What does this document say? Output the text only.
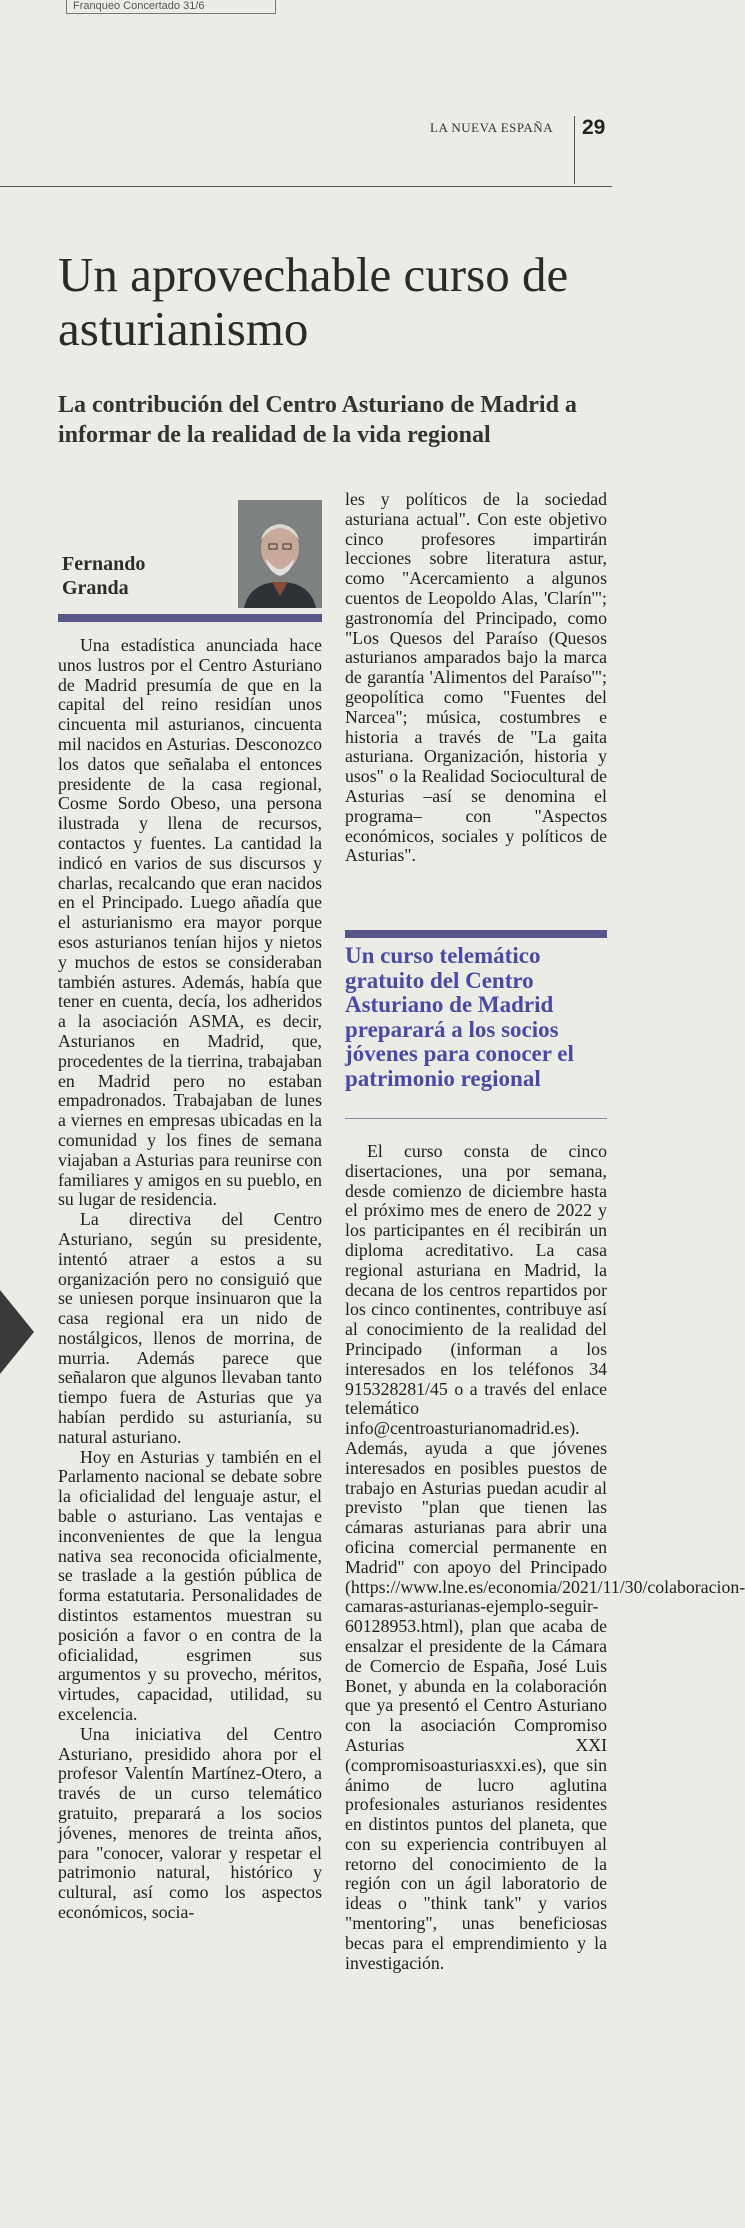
Franqueo Concertado 31/6
LA NUEVA ESPAÑA 29
Un aprovechable curso de asturianismo
La contribución del Centro Asturiano de Madrid a informar de la realidad de la vida regional
Fernando Granda

Una estadística anunciada hace unos lustros por el Centro Asturiano de Madrid presumía de que en la capital del reino residían unos cincuenta mil asturianos, cincuenta mil nacidos en Asturias. Desconozco los datos que señalaba el entonces presidente de la casa regional, Cosme Sordo Obeso, una persona ilustrada y llena de recursos, contactos y fuentes. La cantidad la indicó en varios de sus discursos y charlas, recalcando que eran nacidos en el Principado. Luego añadía que el asturianismo era mayor porque esos asturianos tenían hijos y nietos y muchos de estos se consideraban también astures. Además, había que tener en cuenta, decía, los adheridos a la asociación ASMA, es decir, Asturianos en Madrid, que, procedentes de la tierrina, trabajaban en Madrid pero no estaban empadronados. Trabajaban de lunes a viernes en empresas ubicadas en la comunidad y los fines de semana viajaban a Asturias para reunirse con familiares y amigos en su pueblo, en su lugar de residencia.

La directiva del Centro Asturiano, según su presidente, intentó atraer a estos a su organización pero no consiguió que se uniesen porque insinuaron que la casa regional era un nido de nostálgicos, llenos de morrina, de murria. Además parece que señalaron que algunos llevaban tanto tiempo fuera de Asturias que ya habían perdido su asturianía, su natural asturiano.

Hoy en Asturias y también en el Parlamento nacional se debate sobre la oficialidad del lenguaje astur, el bable o asturiano. Las ventajas e inconvenientes de que la lengua nativa sea reconocida oficialmente, se traslade a la gestión pública de forma estatutaria. Personalidades de distintos estamentos muestran su posición a favor o en contra de la oficialidad, esgrimen sus argumentos y su provecho, méritos, virtudes, capacidad, utilidad, su excelencia.

Una iniciativa del Centro Asturiano, presidido ahora por el profesor Valentín Martínez-Otero, a través de un curso telemático gratuito, preparará a los socios jóvenes, menores de treinta años, para "conocer, valorar y respetar el patrimonio natural, histórico y cultural, así como los aspectos económicos, socia-

les y políticos de la sociedad asturiana actual". Con este objetivo cinco profesores impartirán lecciones sobre literatura astur, como "Acercamiento a algunos cuentos de Leopoldo Alas, 'Clarín'"; gastronomía del Principado, como "Los Quesos del Paraíso (Quesos asturianos amparados bajo la marca de garantía 'Alimentos del Paraíso'"; geopolítica como "Fuentes del Narcea"; música, costumbres e historia a través de "La gaita asturiana. Organización, historia y usos" o la Realidad Sociocultural de Asturias –así se denomina el programa– con "Aspectos económicos, sociales y políticos de Asturias".

Un curso telemático gratuito del Centro Asturiano de Madrid preparará a los socios jóvenes para conocer el patrimonio regional

El curso consta de cinco disertaciones, una por semana, desde comienzo de diciembre hasta el próximo mes de enero de 2022 y los participantes en él recibirán un diploma acreditativo. La casa regional asturiana en Madrid, la decana de los centros repartidos por los cinco continentes, contribuye así al conocimiento de la realidad del Principado (informan a los interesados en los teléfonos 34 915328281/45 o a través del enlace telemático info@centroasturianomadrid.es). Además, ayuda a que jóvenes interesados en posibles puestos de trabajo en Asturias puedan acudir al previsto "plan que tienen las cámaras asturianas para abrir una oficina comercial permanente en Madrid" con apoyo del Principado (https://www.lne.es/economia/2021/11/30/colaboracion-camaras-asturianas-ejemplo-seguir-60128953.html), plan que acaba de ensalzar el presidente de la Cámara de Comercio de España, José Luis Bonet, y abunda en la colaboración que ya presentó el Centro Asturiano con la asociación Compromiso Asturias XXI (compromisoasturiasxxi.es), que sin ánimo de lucro aglutina profesionales asturianos residentes en distintos puntos del planeta, que con su experiencia contribuyen al retorno del conocimiento de la región con un ágil laboratorio de ideas o "think tank" y varios "mentoring", unas beneficiosas becas para el emprendimiento y la investigación.
